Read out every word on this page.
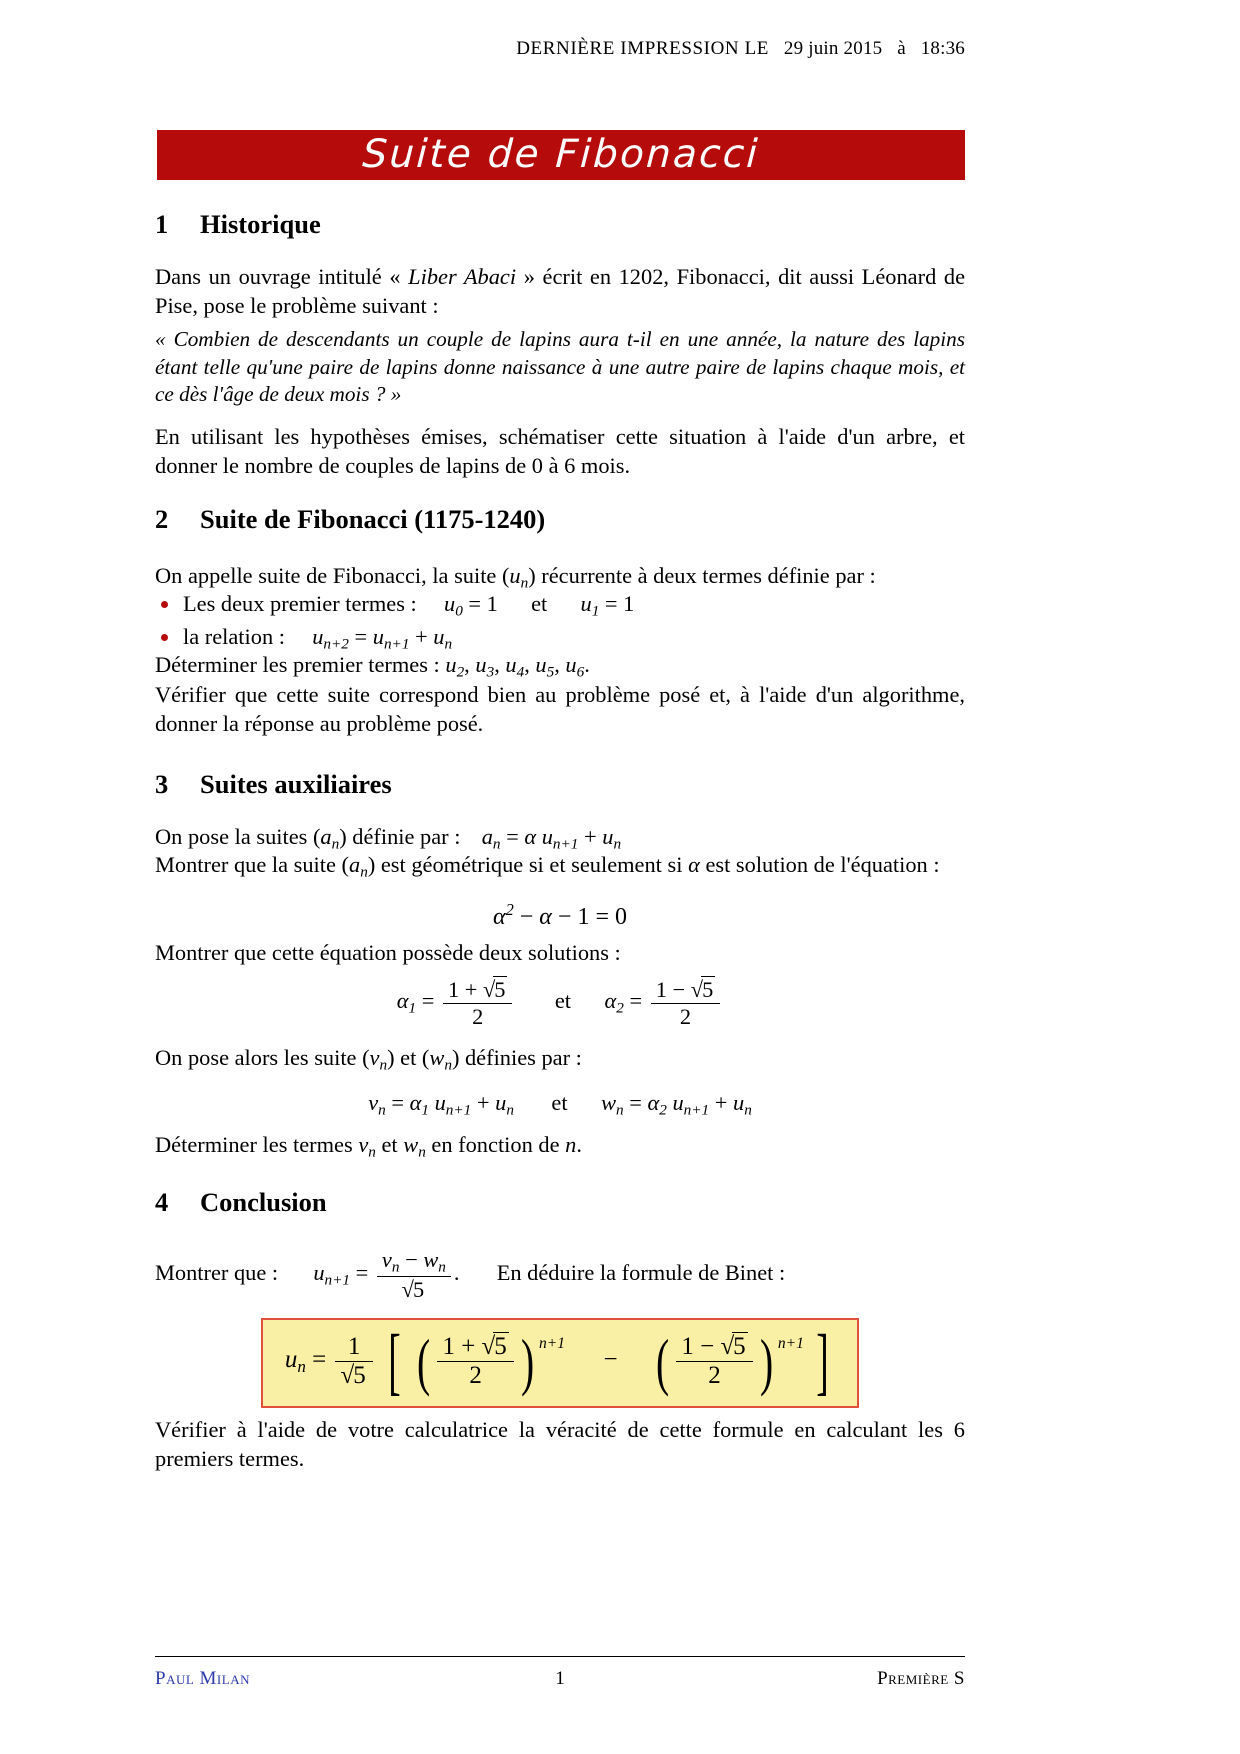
DERNIÈRE IMPRESSION LE 29 juin 2015 à 18:36
Suite de Fibonacci
1 Historique

Dans un ouvrage intitulé « Liber Abaci » écrit en 1202, Fibonacci, dit aussi Léonard de Pise, pose le problème suivant :

« Combien de descendants un couple de lapins aura t-il en une année, la nature des lapins étant telle qu'une paire de lapins donne naissance à une autre paire de lapins chaque mois, et ce dès l'âge de deux mois ? »

En utilisant les hypothèses émises, schématiser cette situation à l'aide d'un arbre, et donner le nombre de couples de lapins de 0 à 6 mois.

2 Suite de Fibonacci (1175-1240)

On appelle suite de Fibonacci, la suite $(u_n)$ récurrente à deux termes définie par :

Les deux premier termes : $u_0 = 1$ et $u_1 = 1$
la relation : $u_{n+2} = u_{n+1} + u_n$

Déterminer les premier termes : $u_2$, $u_3$, $u_4$, $u_5$, $u_6$.

Vérifier que cette suite correspond bien au problème posé et, à l'aide d'un algorithme, donner la réponse au problème posé.

3 Suites auxiliaires

On pose la suites $(a_n)$ définie par : $a_n = \alpha$ $u_{n+1} + u_n$

Montrer que la suite $(a_n)$ est géométrique si et seulement si α est solution de l'équation :

$\alpha^2 - \alpha - 1 = 0$

Montrer que cette équation possède deux solutions :

$\alpha_1 = \frac{1 + √5}{2}$ et  $\alpha_2 = \frac{1 - √5}{2}$

On pose alors les suite $(v_n)$ et $(w_n)$ définies par :

$v_n = \alpha_1$ $u_{n+1} + u_n$ et $w_n = \alpha_2$ $u_{n+1} + u_n$

Déterminer les termes $v_n$ et $w_n$ en fonction de n.

4 Conclusion

Montrer que :  $u_{n+1} = \frac{v_n - w_n}{√5}$ . En déduire la formule de Binet :

$u_n = \frac{1}{√5}$ [ ( $\frac{1 + √5}{2}$ ) n+1  − ( $\frac{1 - √5}{2}$ ) n+1 ]

Vérifier à l'aide de votre calculatrice la véracité de cette formule en calculant les 6 premiers termes.

Paul Milan	1	Première S
